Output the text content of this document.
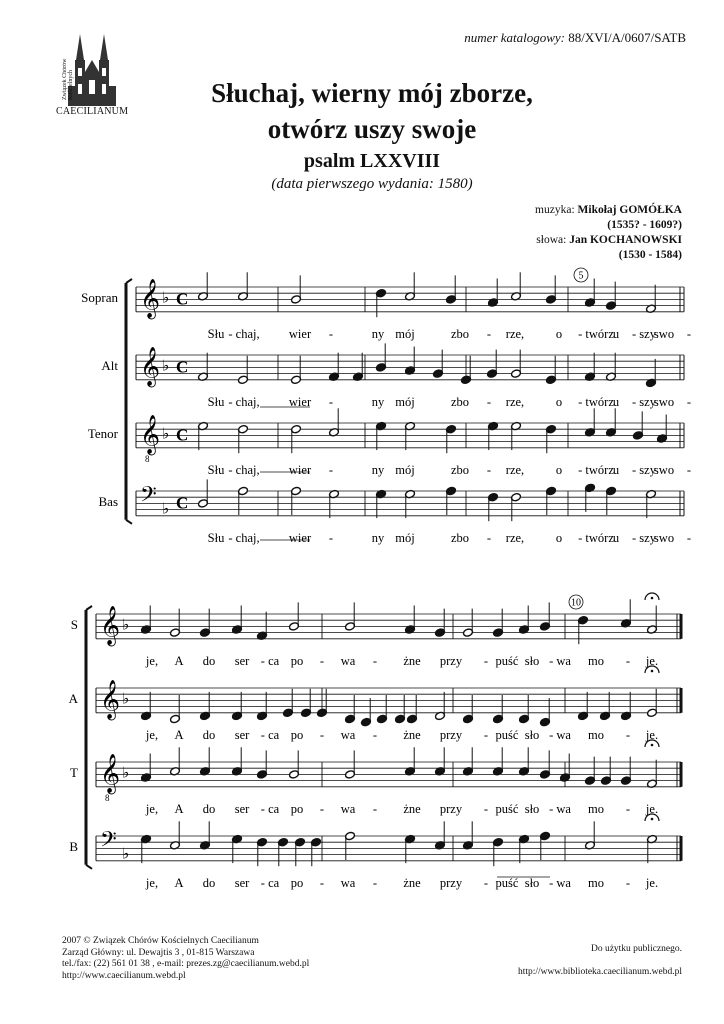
numer katalogowy: 88/XVI/A/0607/SATB
Związek Chórów Kościelnych
CAECILIANUM
Słuchaj, wierny mój zborze,
otwórz uszy swoje
psalm LXXVIII
(data pierwszego wydania: 1580)
muzyka: Mikołaj GOMÓŁKA
(1535? - 1609?)
słowa: Jan KOCHANOWSKI
(1530 - 1584)
𝄞 ♭ C
Sopran
Słu - chaj, wier -	ny mój	zbo - rze,	o - twórz u - szy
swo -
𝄞 ♭ C
Alt
Słu - chaj, wier -	ny mój	zbo - rze,	o - twórz u - szy
swo -
𝄞
8
♭ C
Tenor
Słu - chaj, wier -	ny mój	zbo - rze,	o - twórz u - szy
swo -
𝄢 ♭ C
Bas
Słu - chaj, wier -	ny mój	zbo - rze,	o - twórz u - szy
swo -
5
𝄞 ♭
S
je, A do ser - ca po - wa - żne przy - puść sło - wa mo - je.
𝄞 ♭
A
je, A do ser - ca po - wa - żne przy - puść sło - wa mo - je.
𝄞
8
♭
T
je, A do ser - ca po - wa - żne przy - puść sło - wa mo - je.
𝄢 ♭
B
je, A do ser - ca po - wa - żne przy - puść sło - wa mo - je.
10
2007 © Związek Chórów Kościelnych Caecilianum
Zarząd Główny: ul. Dewajtis 3 , 01-815 Warszawa
tel./fax: (22) 561 01 38 , e-mail: prezes.zg@caecilianum.webd.pl
http://www.caecilianum.webd.pl
Do użytku publicznego.
http://www.biblioteka.caecilianum.webd.pl
